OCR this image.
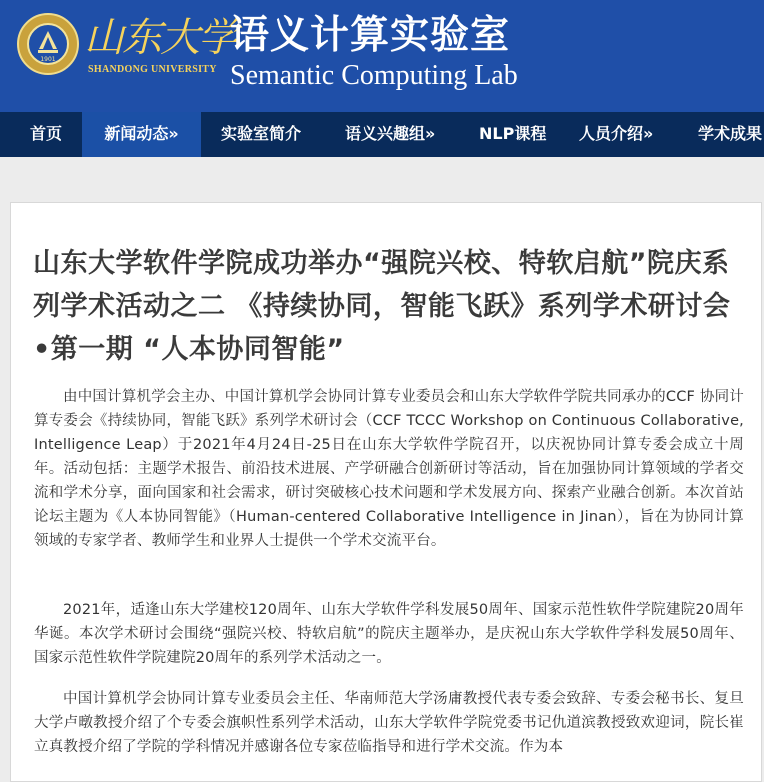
1901 山东大学
SHANDONG UNIVERSITY
语义计算实验室
Semantic Computing Lab
首页	新闻动态»	实验室简介	语义兴趣组»	NLP课程 人员介绍»	学术成果
山东大学软件学院成功举办“强院兴校、特软启航”院庆系列学术活动之二 《持续协同，智能飞跃》系列学术研讨会•第一期 “人本协同智能”

由中国计算机学会主办、中国计算机学会协同计算专业委员会和山东大学软件学院共同承办的CCF 协同计算专委会《持续协同，智能飞跃》系列学术研讨会（CCF TCCC Workshop on Continuous Collaborative, Intelligence Leap）于2021年4月24日-25日在山东大学软件学院召开，以庆祝协同计算专委会成立十周年。活动包括：主题学术报告、前沿技术进展、产学研融合创新研讨等活动，旨在加强协同计算领域的学者交流和学术分享，面向国家和社会需求，研讨突破核心技术问题和学术发展方向、探索产业融合创新。本次首站论坛主题为《人本协同智能》（Human-centered Collaborative Intelligence in Jinan），旨在为协同计算领域的专家学者、教师学生和业界人士提供一个学术交流平台。

2021年，适逢山东大学建校120周年、山东大学软件学科发展50周年、国家示范性软件学院建院20周年华诞。本次学术研讨会围绕“强院兴校、特软启航”的院庆主题举办，是庆祝山东大学软件学科发展50周年、国家示范性软件学院建院20周年的系列学术活动之一。

中国计算机学会协同计算专业委员会主任、华南师范大学汤庸教授代表专委会致辞、专委会秘书长、复旦大学卢暾教授介绍了个专委会旗帜性系列学术活动，山东大学软件学院党委书记仇道滨教授致欢迎词，院长崔立真教授介绍了学院的学科情况并感谢各位专家莅临指导和进行学术交流。作为本
